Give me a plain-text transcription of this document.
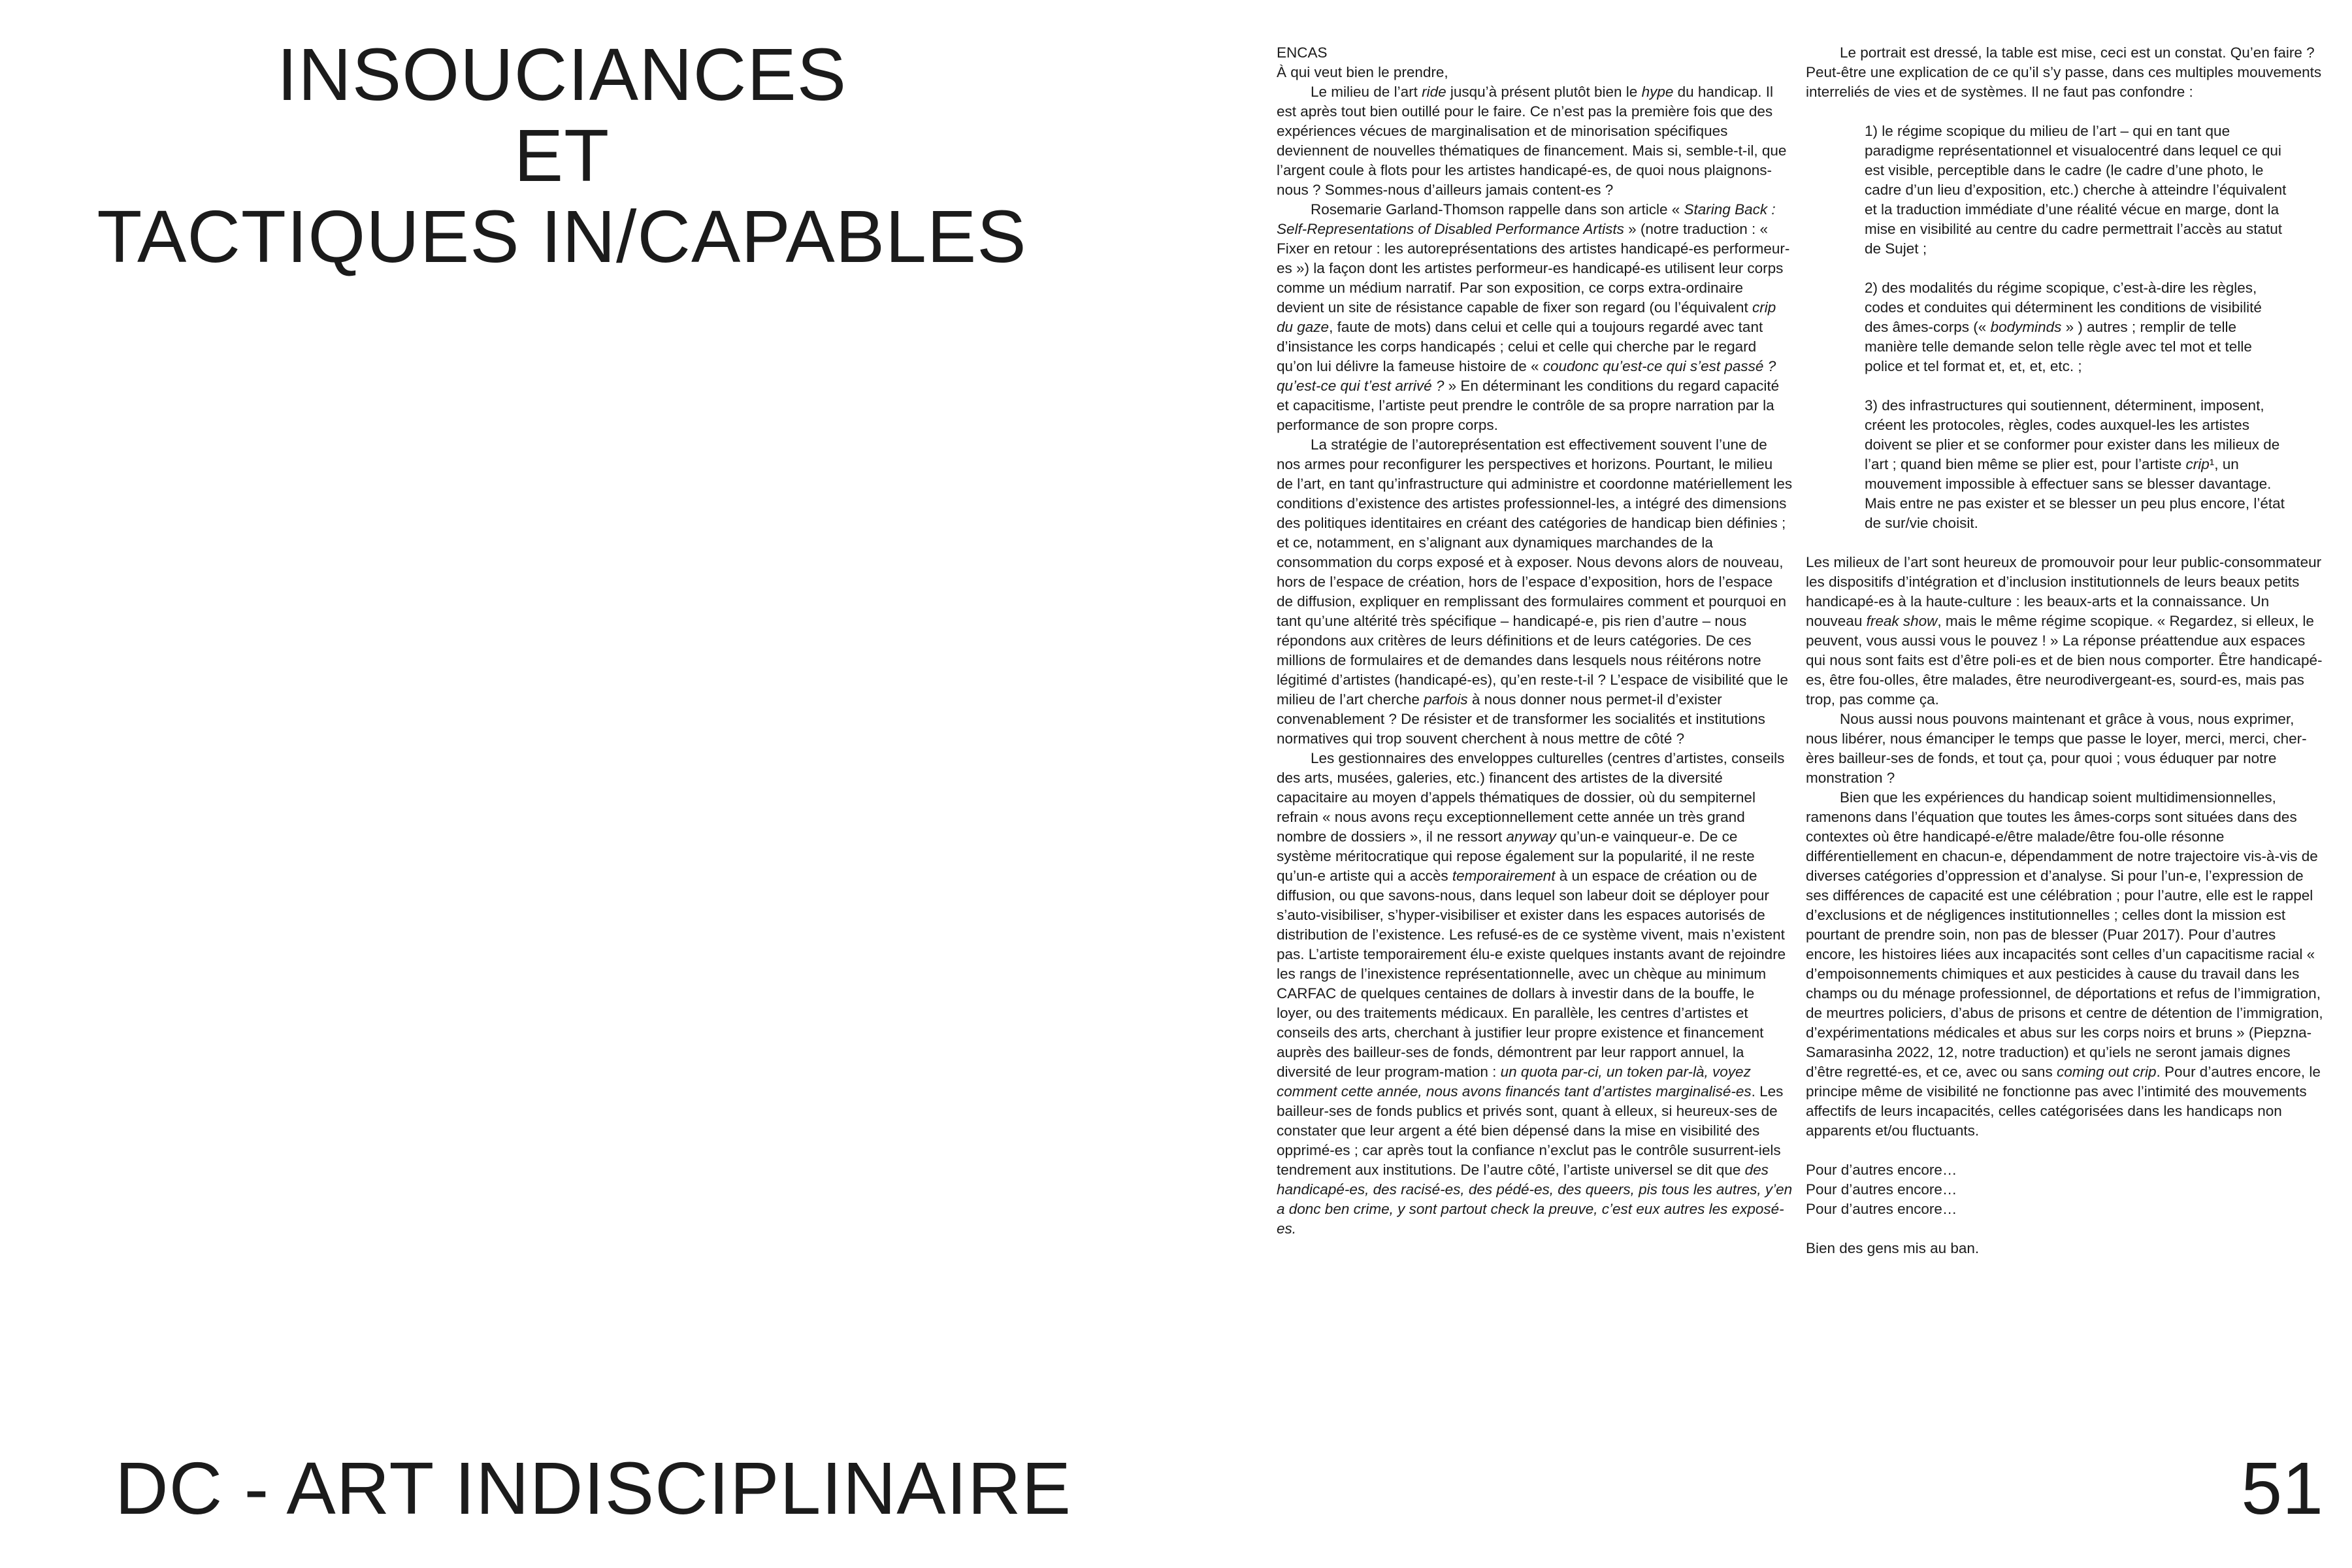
INSOUCIANCES
ET
TACTIQUES IN/CAPABLES
ENCAS

À qui veut bien le prendre,

Le milieu de l’art ride jusqu’à présent plutôt bien le hype du handicap. Il est après tout bien outillé pour le faire. Ce n’est pas la première fois que des expériences vécues de marginalisation et de minorisation spécifiques deviennent de nouvelles thématiques de financement. Mais si, semble-t-il, que l’argent coule à flots pour les artistes handicapé-es, de quoi nous plaignons-nous ? Sommes-nous d’ailleurs jamais content-es ?

Rosemarie Garland-Thomson rappelle dans son article « Staring Back : Self-Representations of Disabled Performance Artists » (notre traduction : « Fixer en retour : les autoreprésentations des artistes handicapé-es performeur-es ») la façon dont les artistes performeur-es handicapé-es utilisent leur corps comme un médium narratif. Par son exposition, ce corps extra-ordinaire devient un site de résistance capable de fixer son regard (ou l’équivalent crip du gaze, faute de mots) dans celui et celle qui a toujours regardé avec tant d’insistance les corps handicapés ; celui et celle qui cherche par le regard qu’on lui délivre la fameuse histoire de « coudonc qu’est-ce qui s’est passé ? qu’est-ce qui t’est arrivé ? » En déterminant les conditions du regard capacité et capacitisme, l’artiste peut prendre le contrôle de sa propre narration par la performance de son propre corps.

La stratégie de l’autoreprésentation est effectivement souvent l’une de nos armes pour reconfigurer les perspectives et horizons. Pourtant, le milieu de l’art, en tant qu’infrastructure qui administre et coordonne matériellement les conditions d’existence des artistes professionnel-les, a intégré des dimensions des politiques identitaires en créant des catégories de handicap bien définies ; et ce, notamment, en s’alignant aux dynamiques marchandes de la consommation du corps exposé et à exposer. Nous devons alors de nouveau, hors de l’espace de création, hors de l’espace d’exposition, hors de l’espace de diffusion, expliquer en remplissant des formulaires comment et pourquoi en tant qu’une altérité très spécifique – handicapé-e, pis rien d’autre – nous répondons aux critères de leurs définitions et de leurs catégories. De ces millions de formulaires et de demandes dans lesquels nous réitérons notre légitimé d’artistes (handicapé-es), qu’en reste-t-il ? L’espace de visibilité que le milieu de l’art cherche parfois à nous donner nous permet-il d’exister convenablement ? De résister et de transformer les socialités et institutions normatives qui trop souvent cherchent à nous mettre de côté ?

Les gestionnaires des enveloppes culturelles (centres d’artistes, conseils des arts, musées, galeries, etc.) financent des artistes de la diversité capacitaire au moyen d’appels thématiques de dossier, où du sempiternel refrain « nous avons reçu exceptionnellement cette année un très grand nombre de dossiers », il ne ressort anyway qu’un-e vainqueur-e. De ce système méritocratique qui repose également sur la popularité, il ne reste qu’un-e artiste qui a accès temporairement à un espace de création ou de diffusion, ou que savons-nous, dans lequel son labeur doit se déployer pour s’auto-visibiliser, s’hyper-visibiliser et exister dans les espaces autorisés de distribution de l’existence. Les refusé-es de ce système vivent, mais n’existent pas. L’artiste temporairement élu-e existe quelques instants avant de rejoindre les rangs de l’inexistence représentationnelle, avec un chèque au minimum CARFAC de quelques centaines de dollars à investir dans de la bouffe, le loyer, ou des traitements médicaux. En parallèle, les centres d’artistes et conseils des arts, cherchant à justifier leur propre existence et financement auprès des bailleur-ses de fonds, démontrent par leur rapport annuel, la diversité de leur program-mation : un quota par-ci, un token par-là, voyez comment cette année, nous avons financés tant d’artistes marginalisé-es. Les bailleur-ses de fonds publics et privés sont, quant à elleux, si heureux-ses de constater que leur argent a été bien dépensé dans la mise en visibilité des opprimé-es ; car après tout la confiance n’exclut pas le contrôle susurrent-iels tendrement aux institutions. De l’autre côté, l’artiste universel se dit que des handicapé-es, des racisé-es, des pédé-es, des queers, pis tous les autres, y’en a donc ben crime, y sont partout check la preuve, c’est eux autres les exposé-es.

Le portrait est dressé, la table est mise, ceci est un constat. Qu’en faire ? Peut-être une explication de ce qu’il s’y passe, dans ces multiples mouvements interreliés de vies et de systèmes. Il ne faut pas confondre :

1) le régime scopique du milieu de l’art – qui en tant que paradigme représentationnel et visualocentré dans lequel ce qui est visible, perceptible dans le cadre (le cadre d’une photo, le cadre d’un lieu d’exposition, etc.) cherche à atteindre l’équivalent et la traduction immédiate d’une réalité vécue en marge, dont la mise en visibilité au centre du cadre permettrait l’accès au statut de Sujet ;

2) des modalités du régime scopique, c’est-à-dire les règles, codes et conduites qui déterminent les conditions de visibilité des âmes-corps (« bodyminds » ) autres ; remplir de telle manière telle demande selon telle règle avec tel mot et telle police et tel format et, et, et, etc. ;

3) des infrastructures qui soutiennent, déterminent, imposent, créent les protocoles, règles, codes auxquel-les les artistes doivent se plier et se conformer pour exister dans les milieux de l’art ; quand bien même se plier est, pour l’artiste crip¹, un mouvement impossible à effectuer sans se blesser davantage. Mais entre ne pas exister et se blesser un peu plus encore, l’état de sur/vie choisit.

Les milieux de l’art sont heureux de promouvoir pour leur public-consommateur les dispositifs d’intégration et d’inclusion institutionnels de leurs beaux petits handicapé-es à la haute-culture : les beaux-arts et la connaissance. Un nouveau freak show, mais le même régime scopique. « Regardez, si elleux, le peuvent, vous aussi vous le pouvez ! » La réponse préattendue aux espaces qui nous sont faits est d’être poli-es et de bien nous comporter. Être handicapé-es, être fou-olles, être malades, être neurodivergeant-es, sourd-es, mais pas trop, pas comme ça.

Nous aussi nous pouvons maintenant et grâce à vous, nous exprimer, nous libérer, nous émanciper le temps que passe le loyer, merci, merci, cher-ères bailleur-ses de fonds, et tout ça, pour quoi ; vous éduquer par notre monstration ?

Bien que les expériences du handicap soient multidimensionnelles, ramenons dans l’équation que toutes les âmes-corps sont situées dans des contextes où être handicapé-e/être malade/être fou-olle résonne différentiellement en chacun-e, dépendamment de notre trajectoire vis-à-vis de diverses catégories d’oppression et d’analyse. Si pour l’un-e, l’expression de ses différences de capacité est une célébration ; pour l’autre, elle est le rappel d’exclusions et de négligences institutionnelles ; celles dont la mission est pourtant de prendre soin, non pas de blesser (Puar 2017). Pour d’autres encore, les histoires liées aux incapacités sont celles d’un capacitisme racial « d’empoisonnements chimiques et aux pesticides à cause du travail dans les champs ou du ménage professionnel, de déportations et refus de l’immigration, de meurtres policiers, d’abus de prisons et centre de détention de l’immigration, d’expérimentations médicales et abus sur les corps noirs et bruns » (Piepzna-Samarasinha 2022, 12, notre traduction) et qu’iels ne seront jamais dignes d’être regretté-es, et ce, avec ou sans coming out crip. Pour d’autres encore, le principe même de visibilité ne fonctionne pas avec l’intimité des mouvements affectifs de leurs incapacités, celles catégorisées dans les handicaps non apparents et/ou fluctuants.

Pour d’autres encore…

Pour d’autres encore…

Pour d’autres encore…

Bien des gens mis au ban.

DC - ART INDISCIPLINAIRE	51
